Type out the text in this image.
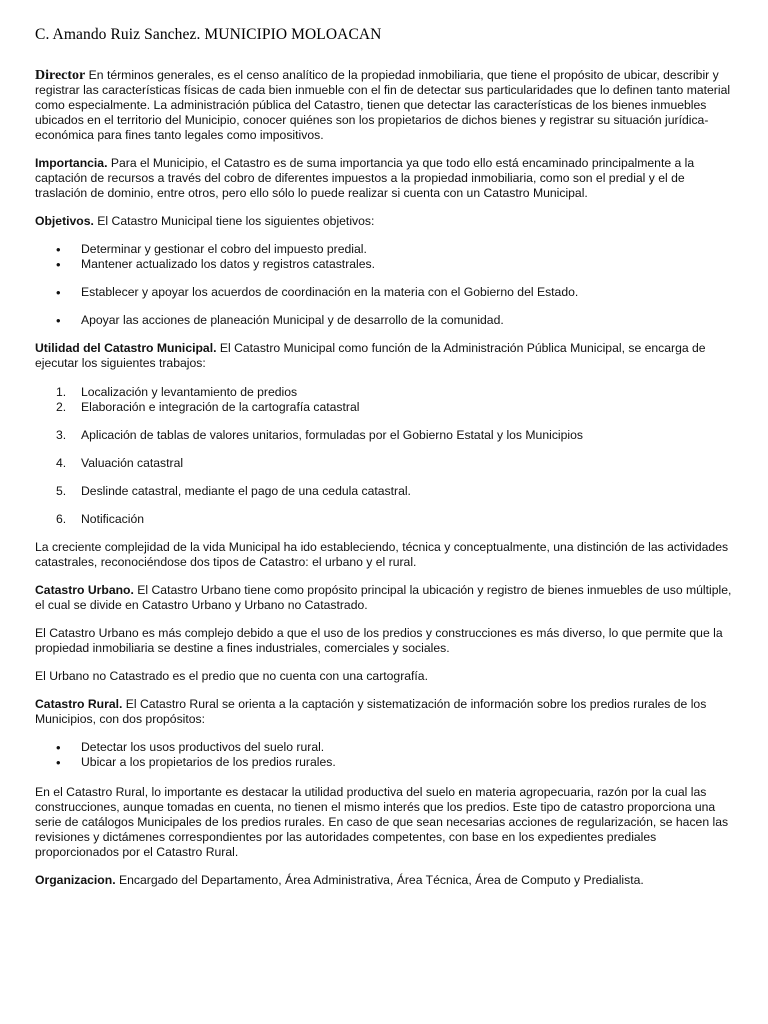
C. Amando Ruiz Sanchez. MUNICIPIO MOLOACAN

Director En términos generales, es el censo analítico de la propiedad inmobiliaria, que tiene el propósito de ubicar, describir y registrar las características físicas de cada bien inmueble con el fin de detectar sus particularidades que lo definen tanto material como especialmente. La administración pública del Catastro, tienen que detectar las características de los bienes inmuebles ubicados en el territorio del Municipio, conocer quiénes son los propietarios de dichos bienes y registrar su situación jurídica-económica para fines tanto legales como impositivos.

Importancia. Para el Municipio, el Catastro es de suma importancia ya que todo ello está encaminado principalmente a la captación de recursos a través del cobro de diferentes impuestos a la propiedad inmobiliaria, como son el predial y el de traslación de dominio, entre otros, pero ello sólo lo puede realizar si cuenta con un Catastro Municipal.

Objetivos. El Catastro Municipal tiene los siguientes objetivos:

• Determinar y gestionar el cobro del impuesto predial.
• Mantener actualizado los datos y registros catastrales.
• Establecer y apoyar los acuerdos de coordinación en la materia con el Gobierno del Estado.
• Apoyar las acciones de planeación Municipal y de desarrollo de la comunidad.

Utilidad del Catastro Municipal. El Catastro Municipal como función de la Administración Pública Municipal, se encarga de ejecutar los siguientes trabajos:

1. Localización y levantamiento de predios
2. Elaboración e integración de la cartografía catastral
3. Aplicación de tablas de valores unitarios, formuladas por el Gobierno Estatal y los Municipios
4. Valuación catastral
5. Deslinde catastral, mediante el pago de una cedula catastral.
6. Notificación

La creciente complejidad de la vida Municipal ha ido estableciendo, técnica y conceptualmente, una distinción de las actividades catastrales, reconociéndose dos tipos de Catastro: el urbano y el rural.

Catastro Urbano. El Catastro Urbano tiene como propósito principal la ubicación y registro de bienes inmuebles de uso múltiple, el cual se divide en Catastro Urbano y Urbano no Catastrado.

El Catastro Urbano es más complejo debido a que el uso de los predios y construcciones es más diverso, lo que permite que la propiedad inmobiliaria se destine a fines industriales, comerciales y sociales.

El Urbano no Catastrado es el predio que no cuenta con una cartografía.

Catastro Rural. El Catastro Rural se orienta a la captación y sistematización de información sobre los predios rurales de los Municipios, con dos propósitos:

• Detectar los usos productivos del suelo rural.
• Ubicar a los propietarios de los predios rurales.

En el Catastro Rural, lo importante es destacar la utilidad productiva del suelo en materia agropecuaria, razón por la cual las construcciones, aunque tomadas en cuenta, no tienen el mismo interés que los predios. Este tipo de catastro proporciona una serie de catálogos Municipales de los predios rurales. En caso de que sean necesarias acciones de regularización, se hacen las revisiones y dictámenes correspondientes por las autoridades competentes, con base en los expedientes prediales proporcionados por el Catastro Rural.

Organizacion. Encargado del Departamento, Área Administrativa, Área Técnica, Área de Computo y Predialista.
